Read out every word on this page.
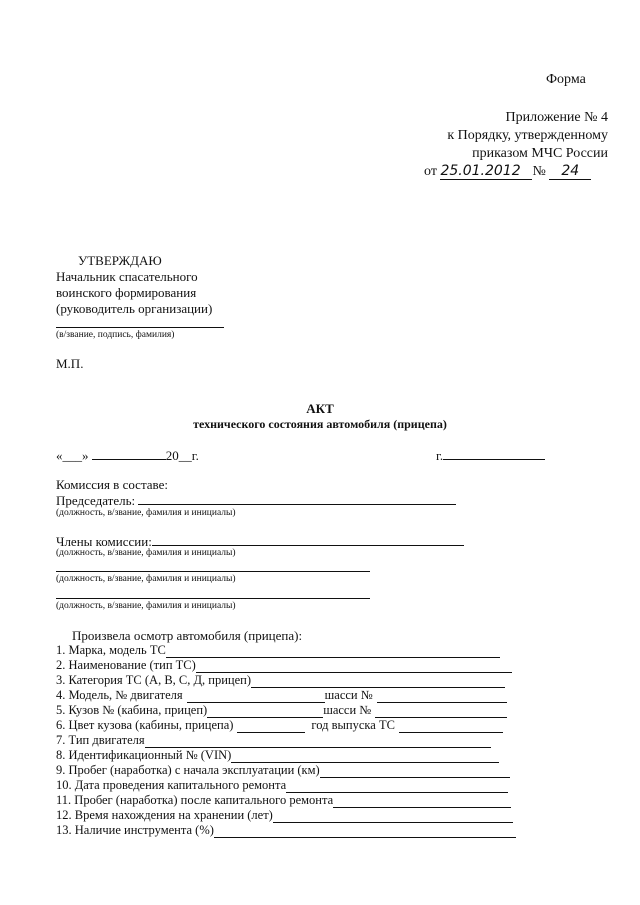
Форма
Приложение № 4
к Порядку, утвержденному
приказом МЧС России
от 25.01.2012 № 24
УТВЕРЖДАЮ
Начальник спасательного
воинского формирования
(руководитель организации)
(в/звание, подпись, фамилия)
М.П.
АКТ
технического состояния автомобиля (прицепа)
«___»	20__г.	г.
Комиссия в составе:
Председатель:
(должность, в/звание, фамилия и инициалы)
Члены комиссии:
(должность, в/звание, фамилия и инициалы)
(должность, в/звание, фамилия и инициалы)
(должность, в/звание, фамилия и инициалы)
Произвела осмотр автомобиля (прицепа):
1. Марка, модель ТС
2. Наименование (тип ТС)
3. Категория ТС (А, В, С, Д, прицеп)
4. Модель, № двигателя	шасси №
5. Кузов № (кабина, прицеп)	шасси №
6. Цвет кузова (кабины, прицепа)	год выпуска ТС
7. Тип двигателя
8. Идентификационный № (VIN)
9. Пробег (наработка) с начала эксплуатации (км)
10. Дата проведения капитального ремонта
11. Пробег (наработка) после капитального ремонта
12. Время нахождения на хранении (лет)
13. Наличие инструмента (%)
